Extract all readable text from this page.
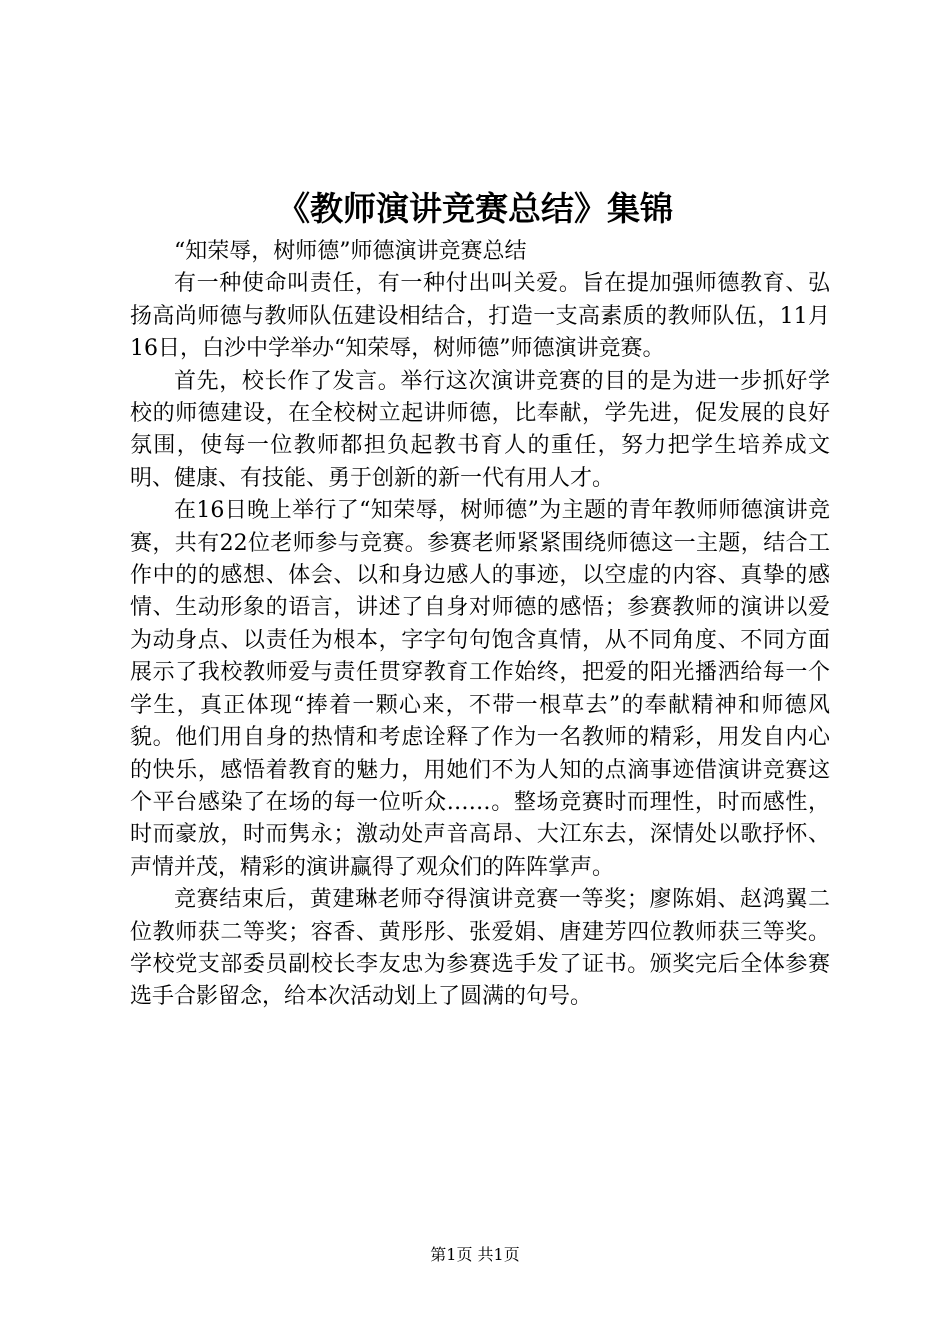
《教师演讲竞赛总结》集锦

“知荣辱，树师德”师德演讲竞赛总结

有一种使命叫责任，有一种付出叫关爱。旨在提加强师德教育、弘扬高尚师德与教师队伍建设相结合，打造一支高素质的教师队伍，11月16日，白沙中学举办“知荣辱，树师德”师德演讲竞赛。

首先，校长作了发言。举行这次演讲竞赛的目的是为进一步抓好学校的师德建设，在全校树立起讲师德，比奉献，学先进，促发展的良好氛围，使每一位教师都担负起教书育人的重任，努力把学生培养成文明、健康、有技能、勇于创新的新一代有用人才。

在16日晚上举行了“知荣辱，树师德”为主题的青年教师师德演讲竞赛，共有22位老师参与竞赛。参赛老师紧紧围绕师德这一主题，结合工作中的的感想、体会、以和身边感人的事迹，以空虚的内容、真挚的感情、生动形象的语言，讲述了自身对师德的感悟；参赛教师的演讲以爱为动身点、以责任为根本，字字句句饱含真情，从不同角度、不同方面展示了我校教师爱与责任贯穿教育工作始终，把爱的阳光播洒给每一个学生，真正体现“捧着一颗心来，不带一根草去”的奉献精神和师德风貌。他们用自身的热情和考虑诠释了作为一名教师的精彩，用发自内心的快乐，感悟着教育的魅力，用她们不为人知的点滴事迹借演讲竞赛这个平台感染了在场的每一位听众……。整场竞赛时而理性，时而感性，时而豪放，时而隽永；激动处声音高昂、大江东去，深情处以歌抒怀、声情并茂，精彩的演讲赢得了观众们的阵阵掌声。

竞赛结束后，黄建琳老师夺得演讲竞赛一等奖；廖陈娟、赵鸿翼二位教师获二等奖；容香、黄彤彤、张爱娟、唐建芳四位教师获三等奖。学校党支部委员副校长李友忠为参赛选手发了证书。颁奖完后全体参赛选手合影留念，给本次活动划上了圆满的句号。

第1页 共1页
